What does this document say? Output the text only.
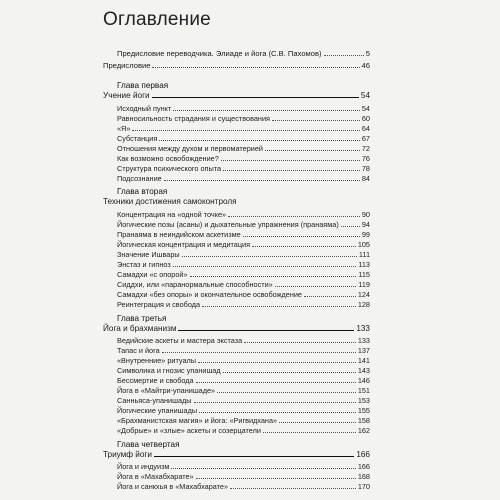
Оглавление
Предисловие переводчика. Элиаде и йога (С.В. Пахомов)	5
Предисловие	46
Глава первая
Учение йоги	54
Исходный пункт	54
Равносильность страдания и существования	60
«Я»	64
Субстанция	67
Отношения между духом и первоматерией	72
Как возможно освобождение?	76
Структура психического опыта	78
Подсознание	84
Глава вторая
Техники достижения самоконтроля
Концентрация на «одной точке»	90
Йогические позы (асаны) и дыхательные упражнения (пранаяма)	94
Пранаяма в неиндийском аскетизме	99
Йогическая концентрация и медитация	105
Значение Ишвары	111
Энстаз и гипноз	113
Самадхи «с опорой»	115
Сиддхи, или «паранормальные способности»	119
Самадхи «без опоры» и окончательное освобождение	124
Реинтеграция и свобода	128
Глава третья
Йога и брахманизм	133
Ведийские аскеты и мастера экстаза	133
Тапас и йога	137
«Внутренние» ритуалы	141
Символика и гнозис упанишад	143
Бессмертие и свобода	146
Йога в «Майтри-упанишаде»	151
Санньяса-упанишады	153
Йогические упанишады	155
«Брахманистская магия» и йога: «Ригвидхана»	158
«Добрые» и «злые» аскеты и созерцатели	162
Глава четвертая
Триумф йоги	166
Йога и индуизм	166
Йога в «Махабхарате»	168
Йога и санкхья в «Махабхарате»	170
